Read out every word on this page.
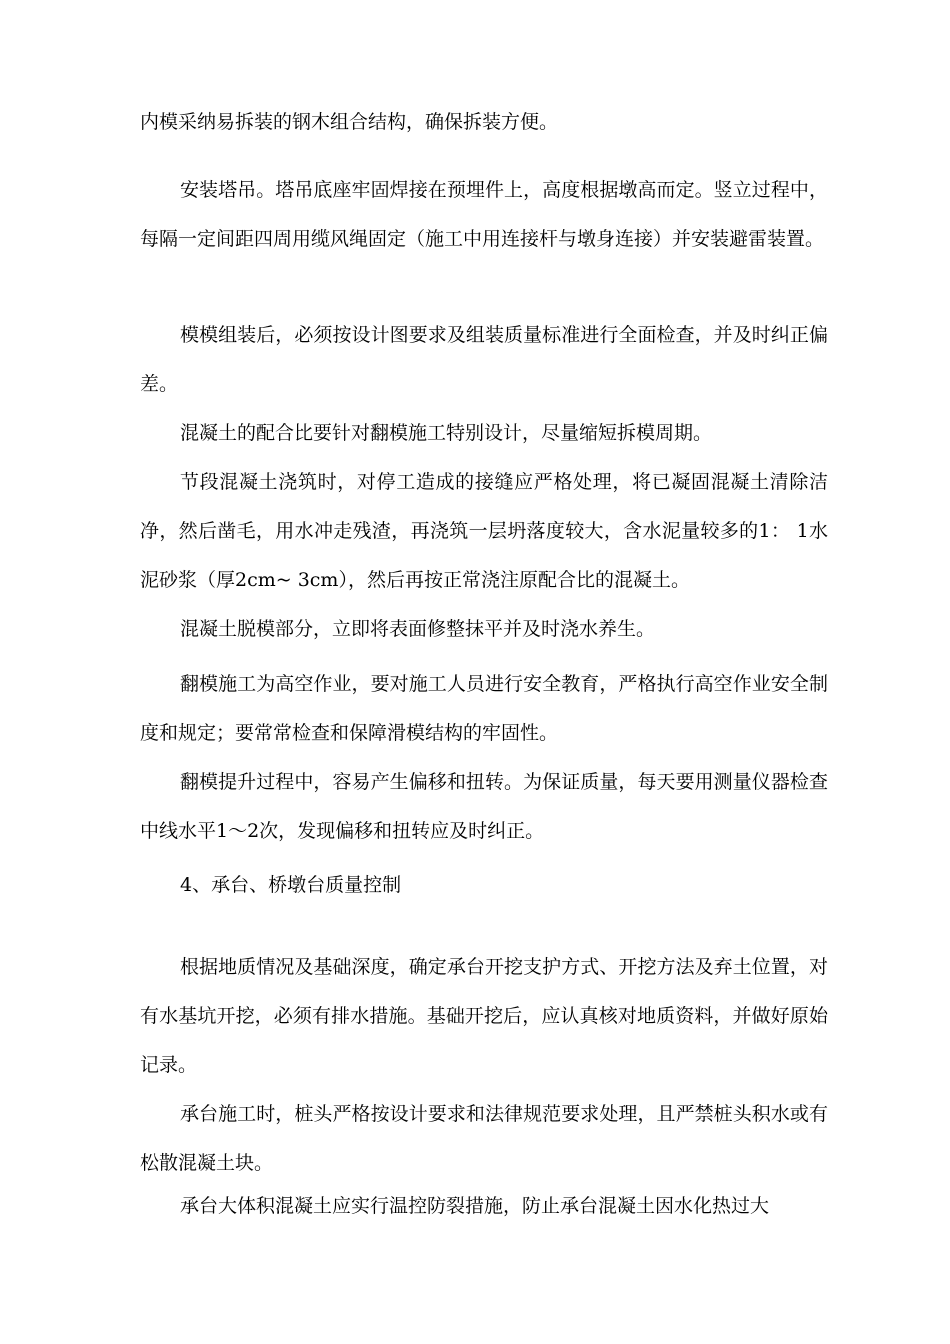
内模采纳易拆装的钢木组合结构，确保拆装方便。

安装塔吊。塔吊底座牢固焊接在预埋件上，高度根据墩高而定。竖立过程中，每隔一定间距四周用缆风绳固定（施工中用连接杆与墩身连接）并安装避雷装置。

模模组装后，必须按设计图要求及组装质量标准进行全面检查，并及时纠正偏差。

混凝土的配合比要针对翻模施工特别设计，尽量缩短拆模周期。

节段混凝土浇筑时，对停工造成的接缝应严格处理，将已凝固混凝土清除洁净，然后凿毛，用水冲走残渣，再浇筑一层坍落度较大，含水泥量较多的1： 1水泥砂浆（厚2cm~ 3cm），然后再按正常浇注原配合比的混凝土。

混凝土脱模部分，立即将表面修整抹平并及时浇水养生。

翻模施工为高空作业，要对施工人员进行安全教育，严格执行高空作业安全制度和规定；要常常检查和保障滑模结构的牢固性。

翻模提升过程中，容易产生偏移和扭转。为保证质量，每天要用测量仪器检查中线水平1〜2次，发现偏移和扭转应及时纠正。

4、承台、桥墩台质量控制

根据地质情况及基础深度，确定承台开挖支护方式、开挖方法及弃土位置，对有水基坑开挖，必须有排水措施。基础开挖后，应认真核对地质资料，并做好原始记录。

承台施工时，桩头严格按设计要求和法律规范要求处理，且严禁桩头积水或有松散混凝土块。

承台大体积混凝土应实行温控防裂措施，防止承台混凝土因水化热过大
